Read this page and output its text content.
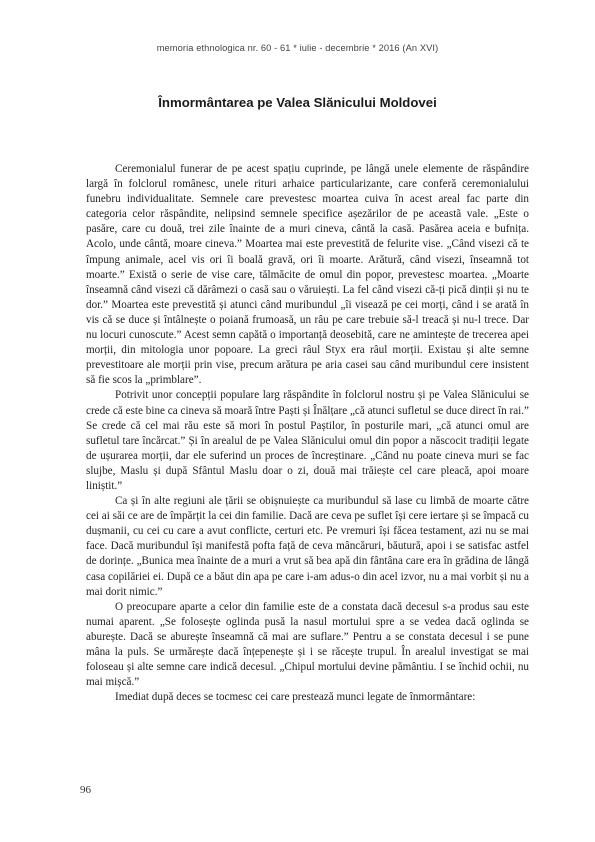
memoria ethnologica nr. 60 - 61 * iulie - decembrie * 2016 (An XVI)
Înmormântarea pe Valea Slănicului Moldovei

Ceremonialul funerar de pe acest spațiu cuprinde, pe lângă unele elemente de răspândire largă în folclorul românesc, unele rituri arhaice particularizante, care conferă ceremonialului funebru individualitate. Semnele care prevestesc moartea cuiva în acest areal fac parte din categoria celor răspândite, nelipsind semnele specifice așezărilor de pe aceastã vale. „Este o pasăre, care cu două, trei zile înainte de a muri cineva, cântă la casă. Pasărea aceia e bufnița. Acolo, unde cântă, moare cineva.” Moartea mai este prevestită de felurite vise. „Când visezi că te împung animale, acel vis ori îi boală gravă, ori îi moarte. Arătură, când visezi, înseamnă tot moarte.” Există o serie de vise care, tălmăcite de omul din popor, prevestesc moartea. „Moarte înseamnă când visezi că dărâmezi o casă sau o văruiești. La fel când visezi că-ți pică dinții și nu te dor.” Moartea este prevestită și atunci când muribundul „îi visează pe cei morți, când i se arată în vis că se duce și întâlnește o poiană frumoasă, un râu pe care trebuie să-l treacă și nu-l trece. Dar nu locuri cunoscute.” Acest semn capătă o importanță deosebită, care ne amintește de trecerea apei morții, din mitologia unor popoare. La greci râul Styx era râul morții. Existau și alte semne prevestitoare ale morții prin vise, precum arătura pe aria casei sau când muribundul cere insistent să fie scos la „primblare”.

Potrivit unor concepții populare larg răspândite în folclorul nostru și pe Valea Slănicului se crede că este bine ca cineva să moară între Paști și Înălțare „că atunci sufletul se duce direct în rai.” Se crede că cel mai rău este să mori în postul Paștilor, în posturile mari, „că atunci omul are sufletul tare încărcat.” Și în arealul de pe Valea Slănicului omul din popor a născocit tradiții legate de ușurarea morții, dar ele suferind un proces de încreștinare. „Când nu poate cineva muri se fac slujbe, Maslu și după Sfântul Maslu doar o zi, două mai trăiește cel care pleacă, apoi moare liniștit.”

Ca și în alte regiuni ale țării se obișnuiește ca muribundul să lase cu limbă de moarte către cei ai săi ce are de împărțit la cei din familie. Dacă are ceva pe suflet își cere iertare și se împacă cu dușmanii, cu cei cu care a avut conflicte, certuri etc. Pe vremuri își făcea testament, azi nu se mai face. Dacă muribundul își manifestă pofta față de ceva mâncăruri, băutură, apoi i se satisfac astfel de dorințe. „Bunica mea înainte de a muri a vrut să bea apă din fântâna care era în grădina de lângă casa copilăriei ei. După ce a băut din apa pe care i-am adus-o din acel izvor, nu a mai vorbit și nu a mai dorit nimic.”

O preocupare aparte a celor din familie este de a constata dacă decesul s-a produs sau este numai aparent. „Se folosește oglinda pusă la nasul mortului spre a se vedea dacă oglinda se aburește. Dacă se aburește înseamnă că mai are suflare.” Pentru a se constata decesul i se pune mâna la puls. Se urmărește dacă înțepenește și i se răcește trupul. În arealul investigat se mai foloseau și alte semne care indică decesul. „Chipul mortului devine pământiu. I se închid ochii, nu mai mișcă.”

Imediat după deces se tocmesc cei care prestează munci legate de înmormântare:

96
